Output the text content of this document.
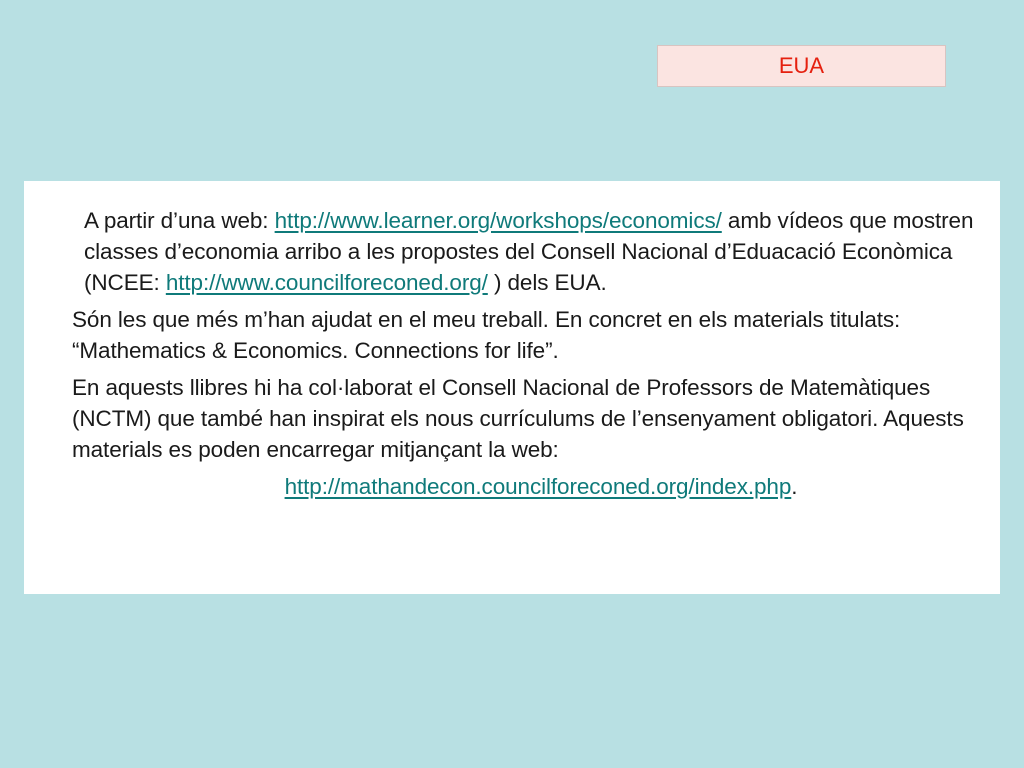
EUA

A partir d’una web: http://www.learner.org/workshops/economics/ amb vídeos que mostren classes d’economia arribo a les propostes del Consell Nacional d’Eduacació Econòmica (NCEE: http://www.councilforeconed.org/ ) dels EUA.

Són les que més m’han ajudat en el meu treball. En concret en els materials titulats: “Mathematics & Economics. Connections for life”.

En aquests llibres hi ha col·laborat el Consell Nacional de Professors de Matemàtiques (NCTM) que també han inspirat els nous currículums de l’ensenyament obligatori. Aquests materials es poden encarregar mitjançant la web:

http://mathandecon.councilforeconed.org/index.php.
